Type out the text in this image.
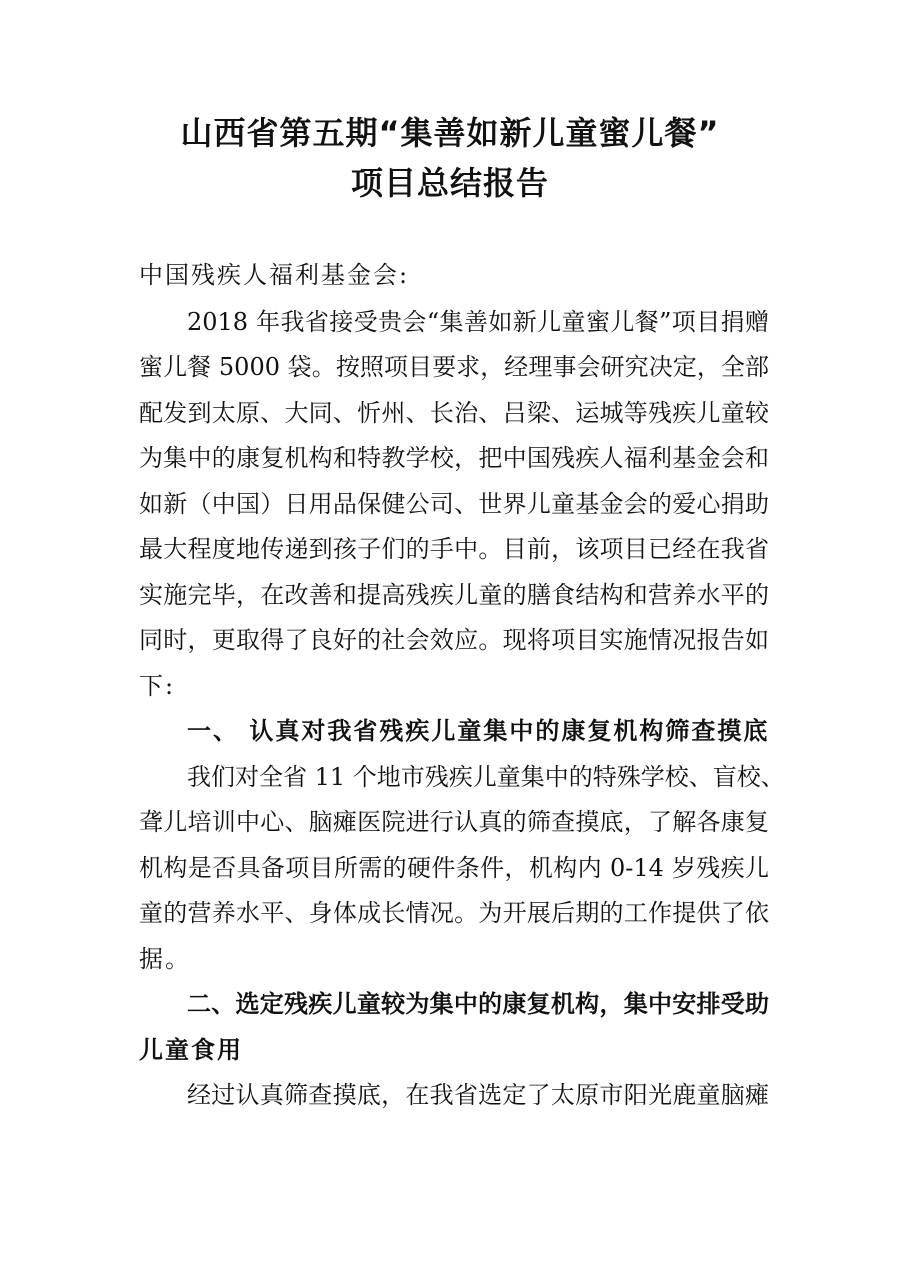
山西省第五期“集善如新儿童蜜儿餐”
项目总结报告
中国残疾人福利基金会:
2018 年我省接受贵会“集善如新儿童蜜儿餐”项目捐赠
蜜儿餐 5000 袋。按照项目要求，经理事会研究决定，全部
配发到太原、大同、忻州、长治、吕梁、运城等残疾儿童较
为集中的康复机构和特教学校，把中国残疾人福利基金会和
如新（中国）日用品保健公司、世界儿童基金会的爱心捐助
最大程度地传递到孩子们的手中。目前，该项目已经在我省
实施完毕，在改善和提高残疾儿童的膳食结构和营养水平的
同时，更取得了良好的社会效应。现将项目实施情况报告如
下:
一、 认真对我省残疾儿童集中的康复机构筛查摸底
我们对全省 11 个地市残疾儿童集中的特殊学校、盲校、
聋儿培训中心、脑瘫医院进行认真的筛查摸底，了解各康复
机构是否具备项目所需的硬件条件，机构内 0-14 岁残疾儿
童的营养水平、身体成长情况。为开展后期的工作提供了依
据。
二、选定残疾儿童较为集中的康复机构，集中安排受助
儿童食用
经过认真筛查摸底，在我省选定了太原市阳光鹿童脑瘫
